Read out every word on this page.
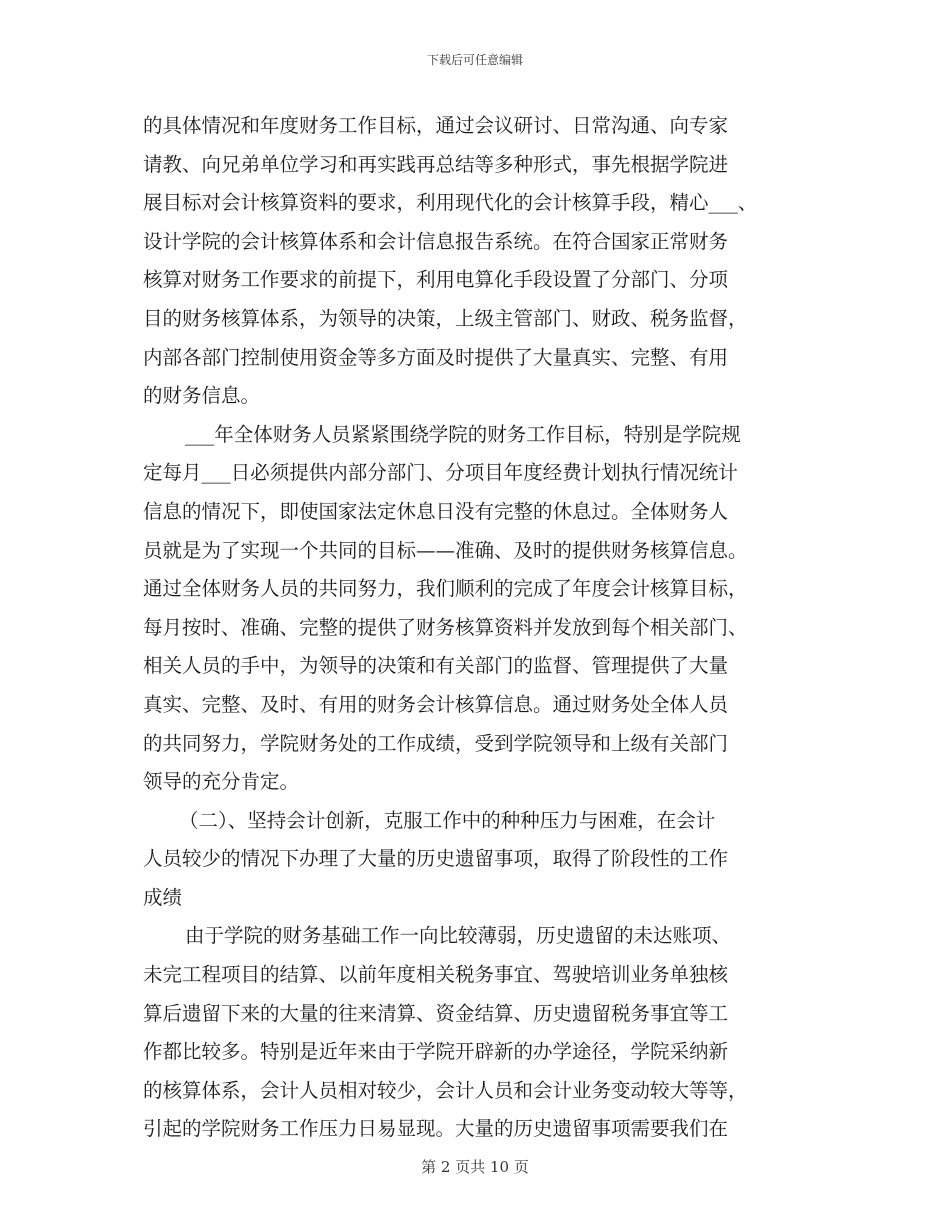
下载后可任意编辑
的具体情况和年度财务工作目标，通过会议研讨、日常沟通、向专家
请教、向兄弟单位学习和再实践再总结等多种形式，事先根据学院进
展目标对会计核算资料的要求，利用现代化的会计核算手段，精心___、
设计学院的会计核算体系和会计信息报告系统。在符合国家正常财务
核算对财务工作要求的前提下，利用电算化手段设置了分部门、分项
目的财务核算体系，为领导的决策，上级主管部门、财政、税务监督，
内部各部门控制使用资金等多方面及时提供了大量真实、完整、有用
的财务信息。
___年全体财务人员紧紧围绕学院的财务工作目标，特别是学院规
定每月___日必须提供内部分部门、分项目年度经费计划执行情况统计
信息的情况下，即使国家法定休息日没有完整的休息过。全体财务人
员就是为了实现一个共同的目标——准确、及时的提供财务核算信息。
通过全体财务人员的共同努力，我们顺利的完成了年度会计核算目标，
每月按时、准确、完整的提供了财务核算资料并发放到每个相关部门、
相关人员的手中，为领导的决策和有关部门的监督、管理提供了大量
真实、完整、及时、有用的财务会计核算信息。通过财务处全体人员
的共同努力，学院财务处的工作成绩，受到学院领导和上级有关部门
领导的充分肯定。
（二）、坚持会计创新，克服工作中的种种压力与困难，在会计
人员较少的情况下办理了大量的历史遗留事项，取得了阶段性的工作
成绩
由于学院的财务基础工作一向比较薄弱，历史遗留的未达账项、
未完工程项目的结算、以前年度相关税务事宜、驾驶培训业务单独核
算后遗留下来的大量的往来清算、资金结算、历史遗留税务事宜等工
作都比较多。特别是近年来由于学院开辟新的办学途径，学院采纳新
的核算体系，会计人员相对较少，会计人员和会计业务变动较大等等，
引起的学院财务工作压力日易显现。大量的历史遗留事项需要我们在
第 2 页共 10 页
